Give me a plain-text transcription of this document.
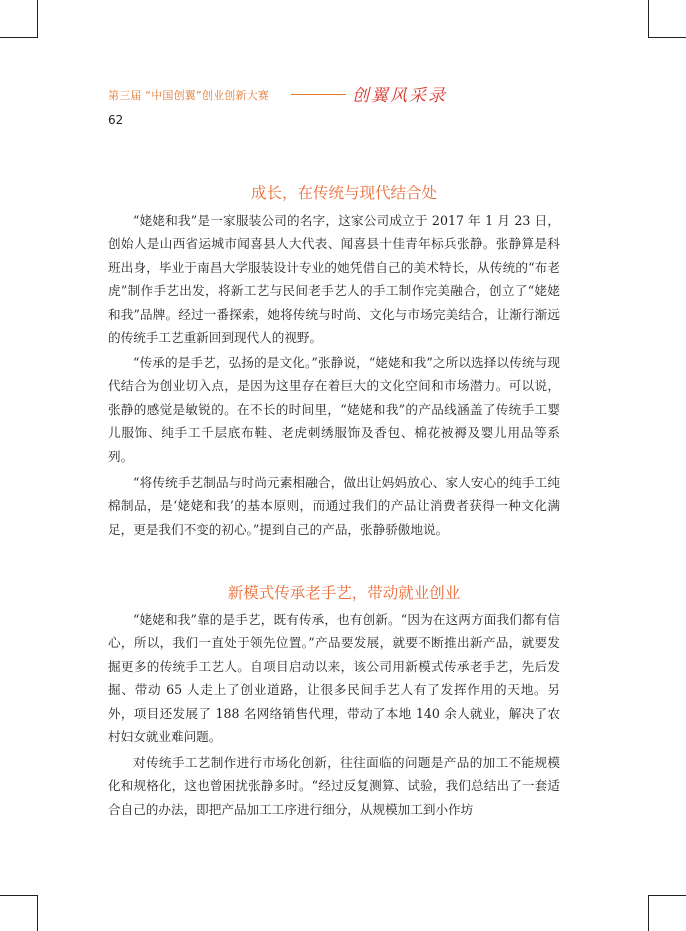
第三届 “中国创翼”创业创新大赛	创翼风采录
62
成长，在传统与现代结合处

“姥姥和我”是一家服装公司的名字，这家公司成立于 2017 年 1 月 23 日，创始人是山西省运城市闻喜县人大代表、闻喜县十佳青年标兵张静。张静算是科班出身，毕业于南昌大学服装设计专业的她凭借自己的美术特长，从传统的“布老虎”制作手艺出发，将新工艺与民间老手艺人的手工制作完美融合，创立了“姥姥和我”品牌。经过一番探索，她将传统与时尚、文化与市场完美结合，让渐行渐远的传统手工艺重新回到现代人的视野。

“传承的是手艺，弘扬的是文化。”张静说，“姥姥和我”之所以选择以传统与现代结合为创业切入点，是因为这里存在着巨大的文化空间和市场潜力。可以说，张静的感觉是敏锐的。在不长的时间里，“姥姥和我”的产品线涵盖了传统手工婴儿服饰、纯手工千层底布鞋、老虎刺绣服饰及香包、棉花被褥及婴儿用品等系列。

“将传统手艺制品与时尚元素相融合，做出让妈妈放心、家人安心的纯手工纯棉制品，是‘姥姥和我’的基本原则，而通过我们的产品让消费者获得一种文化满足，更是我们不变的初心。”提到自己的产品，张静骄傲地说。

新模式传承老手艺，带动就业创业

“姥姥和我”靠的是手艺，既有传承，也有创新。“因为在这两方面我们都有信心，所以，我们一直处于领先位置。”产品要发展，就要不断推出新产品，就要发掘更多的传统手工艺人。自项目启动以来，该公司用新模式传承老手艺，先后发掘、带动 65 人走上了创业道路，让很多民间手艺人有了发挥作用的天地。另外，项目还发展了 188 名网络销售代理，带动了本地 140 余人就业，解决了农村妇女就业难问题。

对传统手工艺制作进行市场化创新，往往面临的问题是产品的加工不能规模化和规格化，这也曾困扰张静多时。“经过反复测算、试验，我们总结出了一套适合自己的办法，即把产品加工工序进行细分，从规模加工到小作坊
